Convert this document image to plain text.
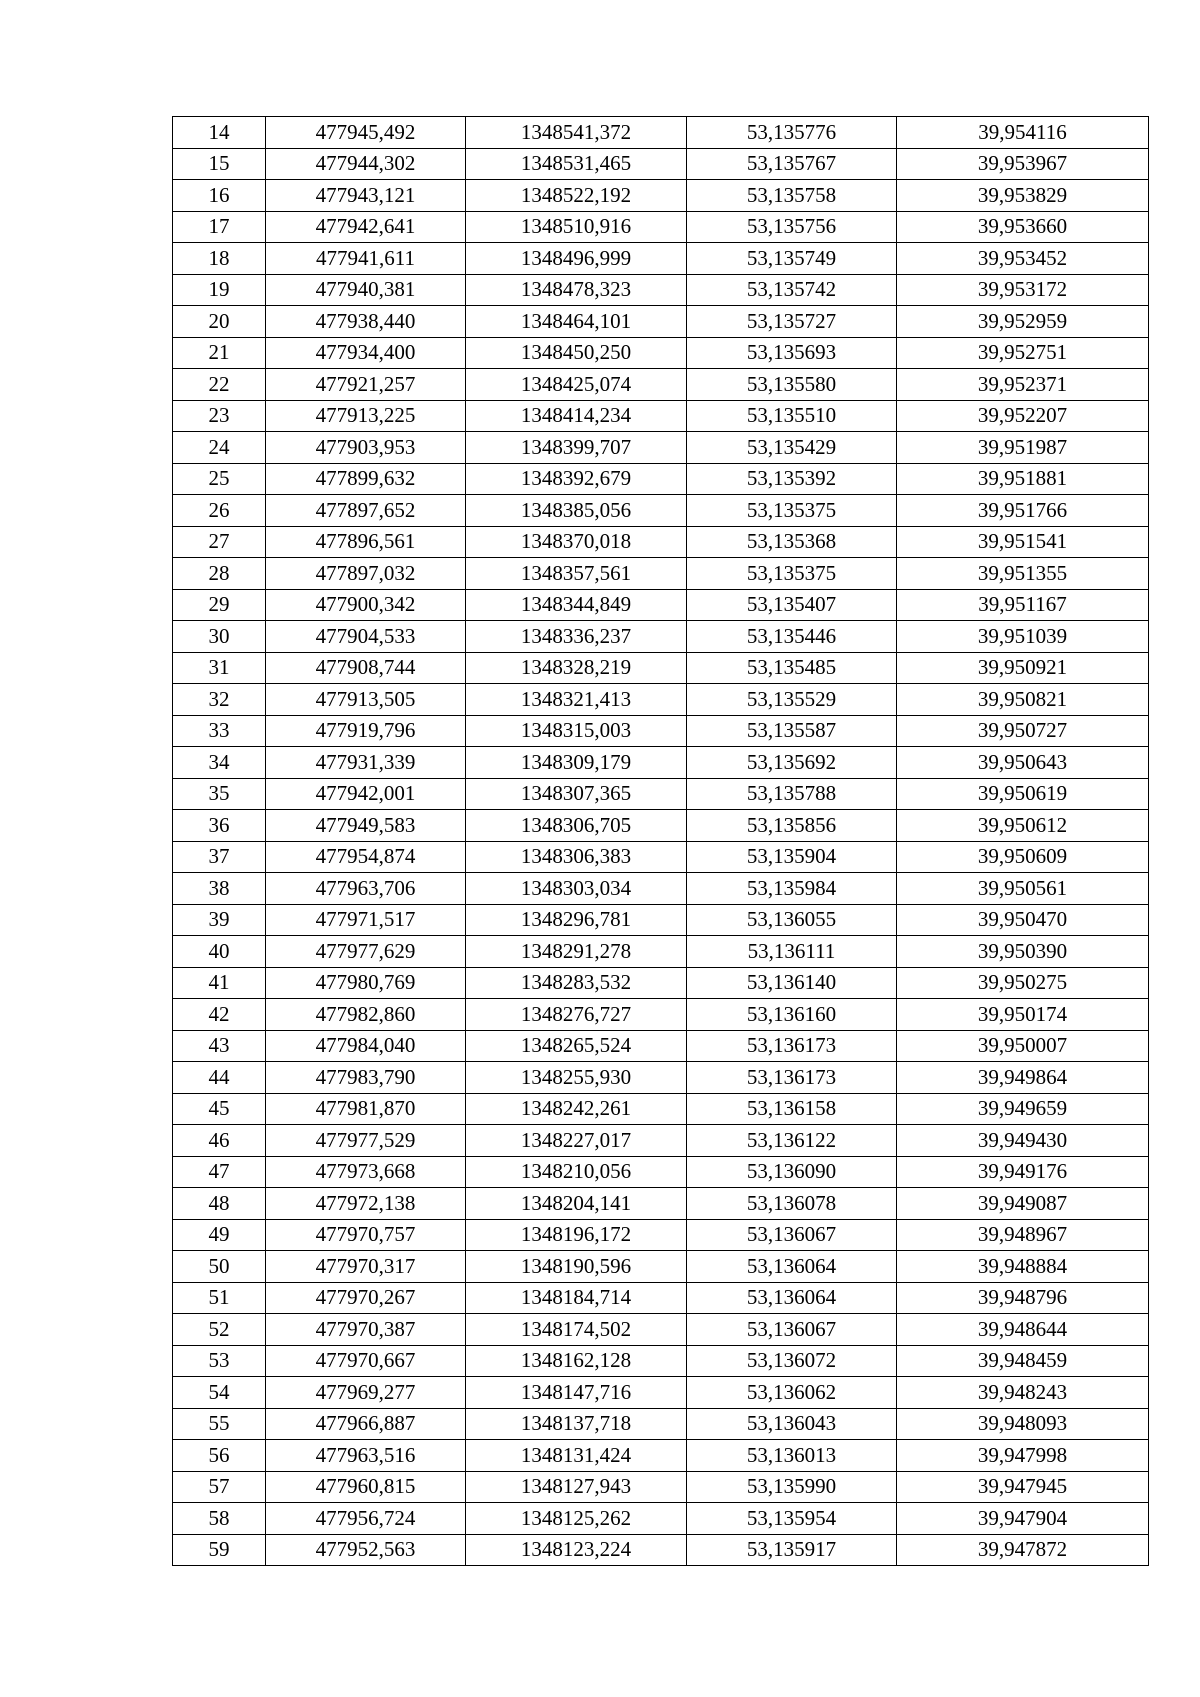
14	477945,492	1348541,372	53,135776	39,954116
15	477944,302	1348531,465	53,135767	39,953967
16	477943,121	1348522,192	53,135758	39,953829
17	477942,641	1348510,916	53,135756	39,953660
18	477941,611	1348496,999	53,135749	39,953452
19	477940,381	1348478,323	53,135742	39,953172
20	477938,440	1348464,101	53,135727	39,952959
21	477934,400	1348450,250	53,135693	39,952751
22	477921,257	1348425,074	53,135580	39,952371
23	477913,225	1348414,234	53,135510	39,952207
24	477903,953	1348399,707	53,135429	39,951987
25	477899,632	1348392,679	53,135392	39,951881
26	477897,652	1348385,056	53,135375	39,951766
27	477896,561	1348370,018	53,135368	39,951541
28	477897,032	1348357,561	53,135375	39,951355
29	477900,342	1348344,849	53,135407	39,951167
30	477904,533	1348336,237	53,135446	39,951039
31	477908,744	1348328,219	53,135485	39,950921
32	477913,505	1348321,413	53,135529	39,950821
33	477919,796	1348315,003	53,135587	39,950727
34	477931,339	1348309,179	53,135692	39,950643
35	477942,001	1348307,365	53,135788	39,950619
36	477949,583	1348306,705	53,135856	39,950612
37	477954,874	1348306,383	53,135904	39,950609
38	477963,706	1348303,034	53,135984	39,950561
39	477971,517	1348296,781	53,136055	39,950470
40	477977,629	1348291,278	53,136111	39,950390
41	477980,769	1348283,532	53,136140	39,950275
42	477982,860	1348276,727	53,136160	39,950174
43	477984,040	1348265,524	53,136173	39,950007
44	477983,790	1348255,930	53,136173	39,949864
45	477981,870	1348242,261	53,136158	39,949659
46	477977,529	1348227,017	53,136122	39,949430
47	477973,668	1348210,056	53,136090	39,949176
48	477972,138	1348204,141	53,136078	39,949087
49	477970,757	1348196,172	53,136067	39,948967
50	477970,317	1348190,596	53,136064	39,948884
51	477970,267	1348184,714	53,136064	39,948796
52	477970,387	1348174,502	53,136067	39,948644
53	477970,667	1348162,128	53,136072	39,948459
54	477969,277	1348147,716	53,136062	39,948243
55	477966,887	1348137,718	53,136043	39,948093
56	477963,516	1348131,424	53,136013	39,947998
57	477960,815	1348127,943	53,135990	39,947945
58	477956,724	1348125,262	53,135954	39,947904
59	477952,563	1348123,224	53,135917	39,947872
